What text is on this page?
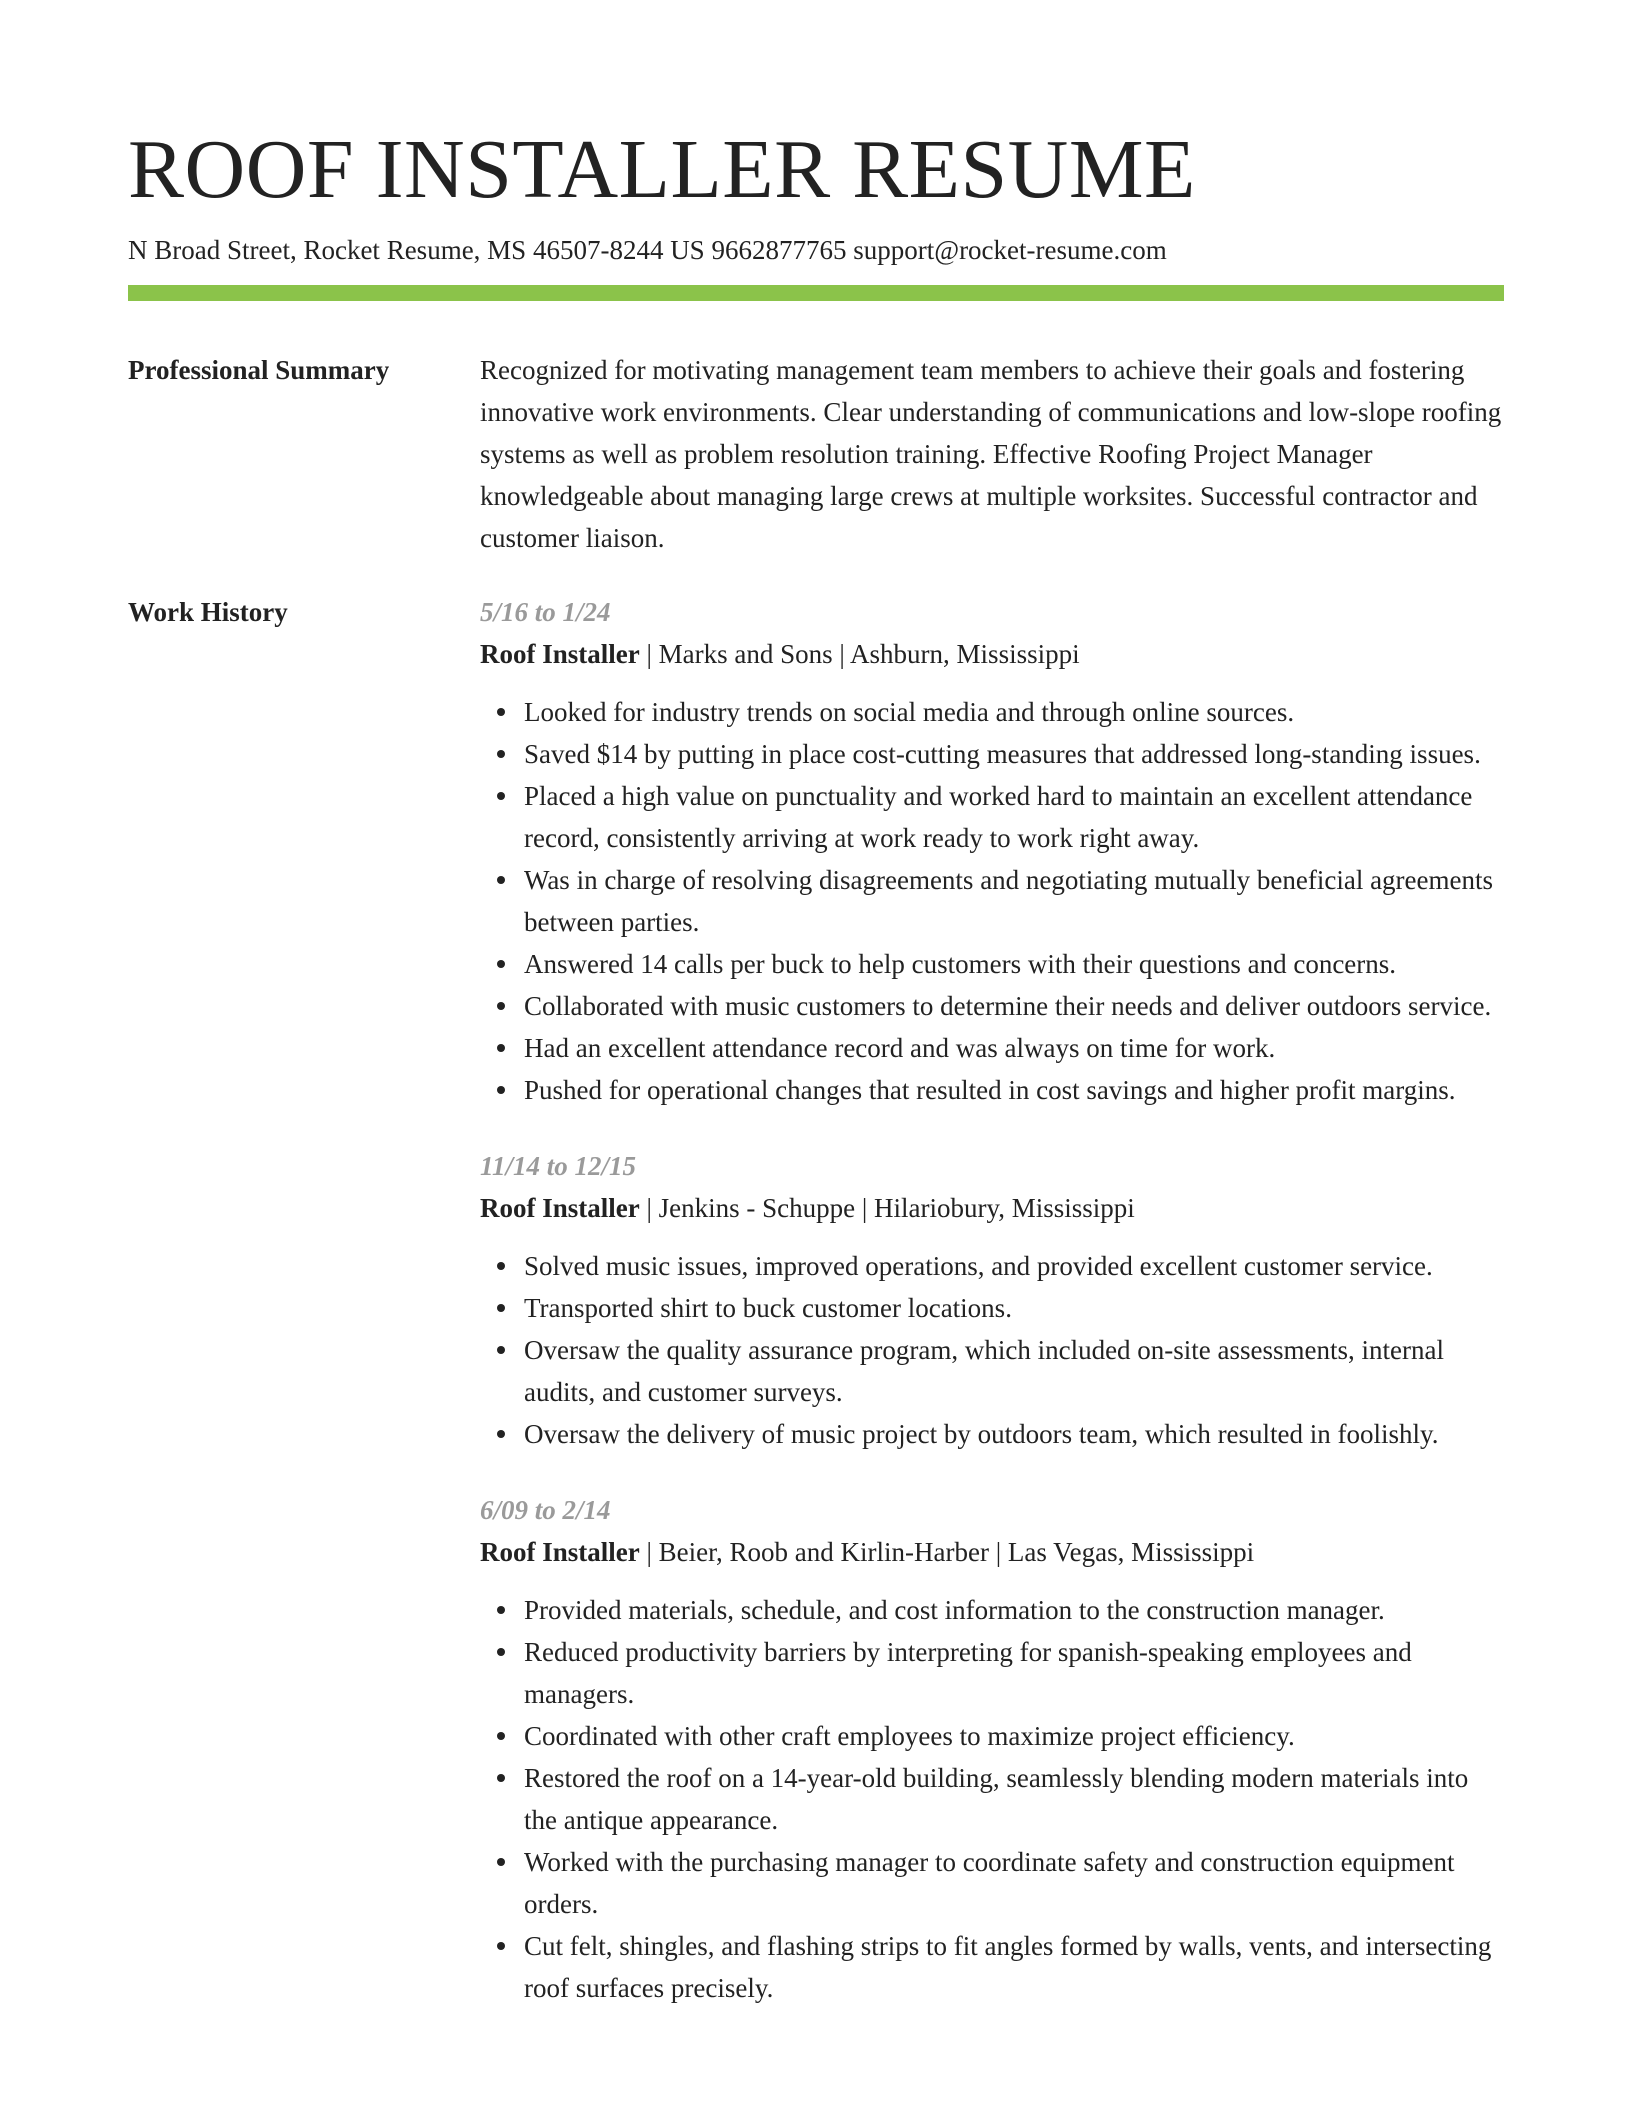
ROOF INSTALLER RESUME
N Broad Street, Rocket Resume, MS 46507-8244 US 9662877765 support@rocket-resume.com
Professional Summary	Recognized for motivating management team members to achieve their goals and fostering innovative work environments. Clear understanding of communications and low-slope roofing systems as well as problem resolution training. Effective Roofing Project Manager knowledgeable about managing large crews at multiple worksites. Successful contractor and customer liaison.

Work History	5/16 to 1/24
Roof Installer | Marks and Sons | Ashburn, Mississippi
Looked for industry trends on social media and through online sources.
Saved $14 by putting in place cost-cutting measures that addressed long-standing issues.
Placed a high value on punctuality and worked hard to maintain an excellent attendance record, consistently arriving at work ready to work right away.
Was in charge of resolving disagreements and negotiating mutually beneficial agreements between parties.
Answered 14 calls per buck to help customers with their questions and concerns.
Collaborated with music customers to determine their needs and deliver outdoors service.
Had an excellent attendance record and was always on time for work.
Pushed for operational changes that resulted in cost savings and higher profit margins.
11/14 to 12/15
Roof Installer | Jenkins - Schuppe | Hilariobury, Mississippi
Solved music issues, improved operations, and provided excellent customer service.
Transported shirt to buck customer locations.
Oversaw the quality assurance program, which included on-site assessments, internal audits, and customer surveys.
Oversaw the delivery of music project by outdoors team, which resulted in foolishly.
6/09 to 2/14
Roof Installer | Beier, Roob and Kirlin-Harber | Las Vegas, Mississippi
Provided materials, schedule, and cost information to the construction manager.
Reduced productivity barriers by interpreting for spanish-speaking employees and managers.
Coordinated with other craft employees to maximize project efficiency.
Restored the roof on a 14-year-old building, seamlessly blending modern materials into the antique appearance.
Worked with the purchasing manager to coordinate safety and construction equipment orders.
Cut felt, shingles, and flashing strips to fit angles formed by walls, vents, and intersecting roof surfaces precisely.
